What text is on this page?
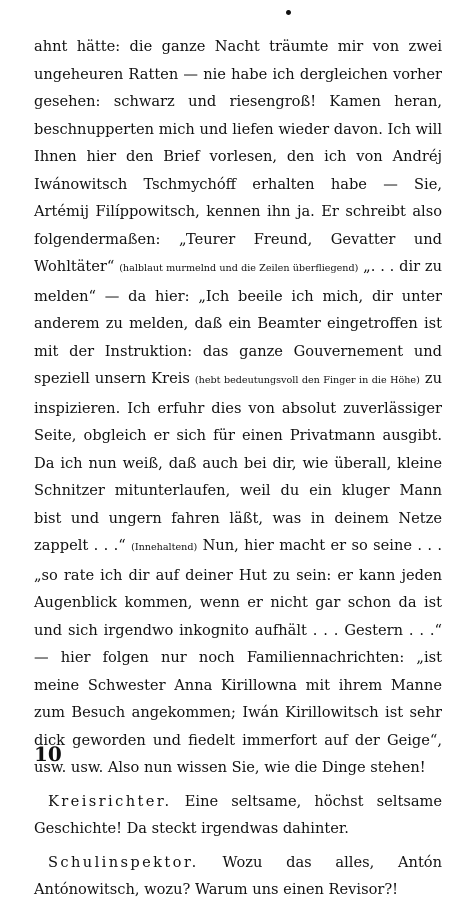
ahnt hätte: die ganze Nacht träumte mir von zwei ungeheuren Ratten — nie habe ich dergleichen vorher gesehen: schwarz und riesengroß! Kamen heran, beschnupperten mich und liefen wieder davon. Ich will Ihnen hier den Brief vorlesen, den ich von Andréj Iwánowitsch Tschmychóff erhalten habe — Sie, Artémij Filíppowitsch, kennen ihn ja. Er schreibt also folgendermaßen: „Teurer Freund, Gevatter und Wohltäter“ (halblaut murmelnd und die Zeilen überfliegend) „. . . dir zu melden“ — da hier: „Ich beeile ich mich, dir unter anderem zu melden, daß ein Beamter eingetroffen ist mit der Instruktion: das ganze Gouvernement und speziell unsern Kreis (hebt bedeutungsvoll den Finger in die Höhe) zu inspizieren. Ich erfuhr dies von absolut zuverlässiger Seite, obgleich er sich für einen Privatmann ausgibt. Da ich nun weiß, daß auch bei dir, wie überall, kleine Schnitzer mitunterlaufen, weil du ein kluger Mann bist und ungern fahren läßt, was in deinem Netze zappelt . . .“ (Innehaltend) Nun, hier macht er so seine . . . „so rate ich dir auf deiner Hut zu sein: er kann jeden Augenblick kommen, wenn er nicht gar schon da ist und sich irgendwo inkognito aufhält . . . Gestern . . .“ — hier folgen nur noch Familiennachrichten: „ist meine Schwester Anna Kirillowna mit ihrem Manne zum Besuch angekommen; Iwán Kirillowitsch ist sehr dick geworden und fiedelt immerfort auf der Geige“, usw. usw. Also nun wissen Sie, wie die Dinge stehen!

Kreisrichter. Eine seltsame, höchst seltsame Geschichte! Da steckt irgendwas dahinter.

Schulinspektor. Wozu das alles, Antón Antónowitsch, wozu? Warum uns einen Revisor?!

10
